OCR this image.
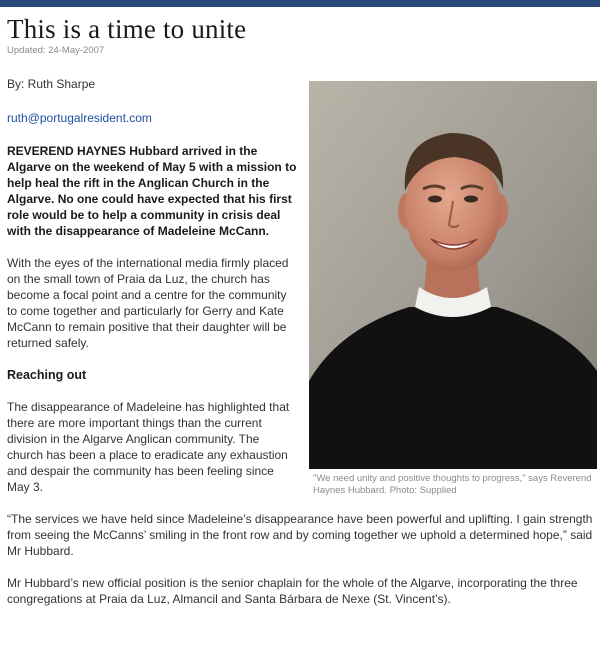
This is a time to unite
Updated: 24-May-2007
By: Ruth Sharpe
ruth@portugalresident.com
"We need unity and positive thoughts to progress," says Reverend Haynes Hubbard. Photo: Supplied

REVEREND HAYNES Hubbard arrived in the Algarve on the weekend of May 5 with a mission to help heal the rift in the Anglican Church in the Algarve. No one could have expected that his first role would be to help a community in crisis deal with the disappearance of Madeleine McCann.

With the eyes of the international media firmly placed on the small town of Praia da Luz, the church has become a focal point and a centre for the community to come together and particularly for Gerry and Kate McCann to remain positive that their daughter will be returned safely.

Reaching out

The disappearance of Madeleine has highlighted that there are more important things than the current division in the Algarve Anglican community. The church has been a place to eradicate any exhaustion and despair the community has been feeling since May 3.

“The services we have held since Madeleine’s disappearance have been powerful and uplifting. I gain strength from seeing the McCanns’ smiling in the front row and by coming together we uphold a determined hope,” said Mr Hubbard.

Mr Hubbard’s new official position is the senior chaplain for the whole of the Algarve, incorporating the three congregations at Praia da Luz, Almancil and Santa Bárbara de Nexe (St. Vincent’s).
